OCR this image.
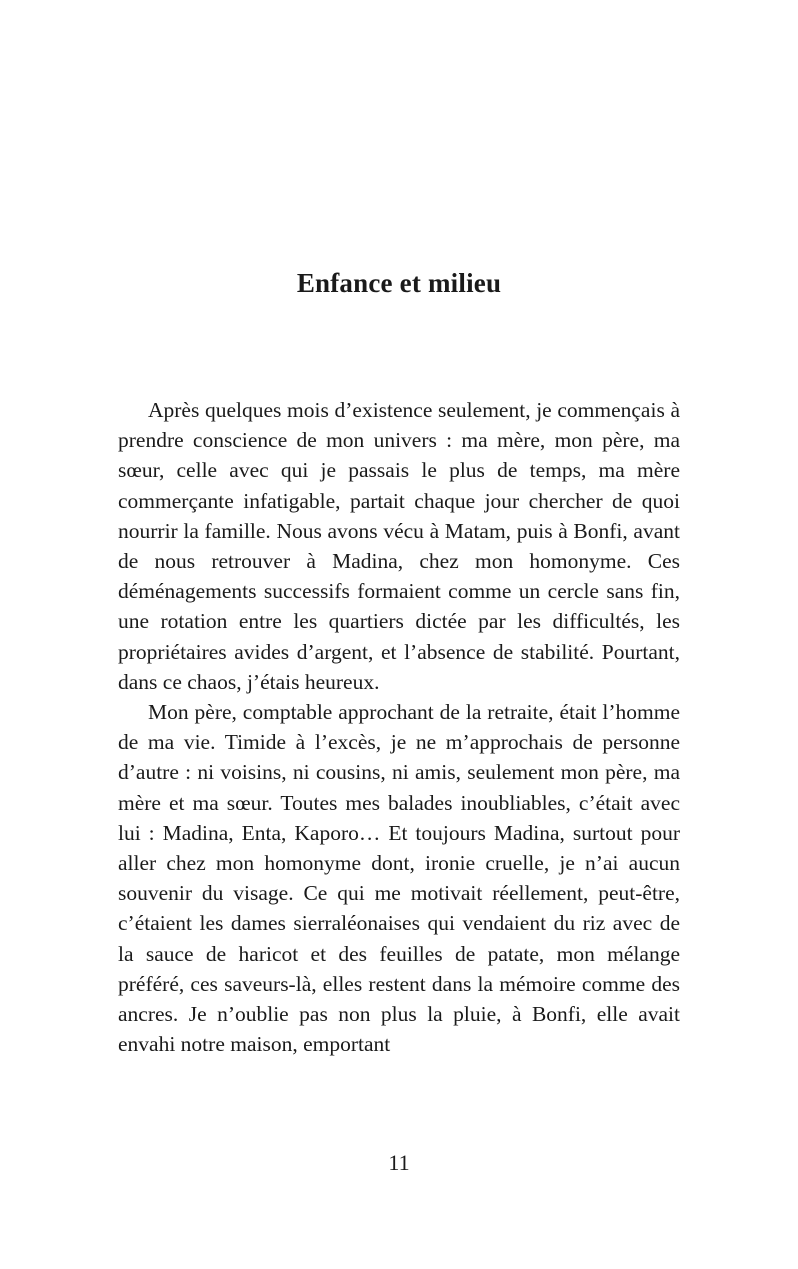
Enfance et milieu

Après quelques mois d’existence seulement, je commençais à prendre conscience de mon univers : ma mère, mon père, ma sœur, celle avec qui je passais le plus de temps, ma mère commerçante infatigable, partait chaque jour chercher de quoi nourrir la famille. Nous avons vécu à Matam, puis à Bonfi, avant de nous retrouver à Madina, chez mon homonyme. Ces déménagements successifs formaient comme un cercle sans fin, une rotation entre les quartiers dictée par les difficultés, les propriétaires avides d’argent, et l’absence de stabilité. Pourtant, dans ce chaos, j’étais heureux.

Mon père, comptable approchant de la retraite, était l’homme de ma vie. Timide à l’excès, je ne m’approchais de personne d’autre : ni voisins, ni cousins, ni amis, seulement mon père, ma mère et ma sœur. Toutes mes balades inoubliables, c’était avec lui : Madina, Enta, Kaporo… Et toujours Madina, surtout pour aller chez mon homonyme dont, ironie cruelle, je n’ai aucun souvenir du visage. Ce qui me motivait réellement, peut-être, c’étaient les dames sierraléonaises qui vendaient du riz avec de la sauce de haricot et des feuilles de patate, mon mélange préféré, ces saveurs-là, elles restent dans la mémoire comme des ancres. Je n’oublie pas non plus la pluie, à Bonfi, elle avait envahi notre maison, emportant

11
